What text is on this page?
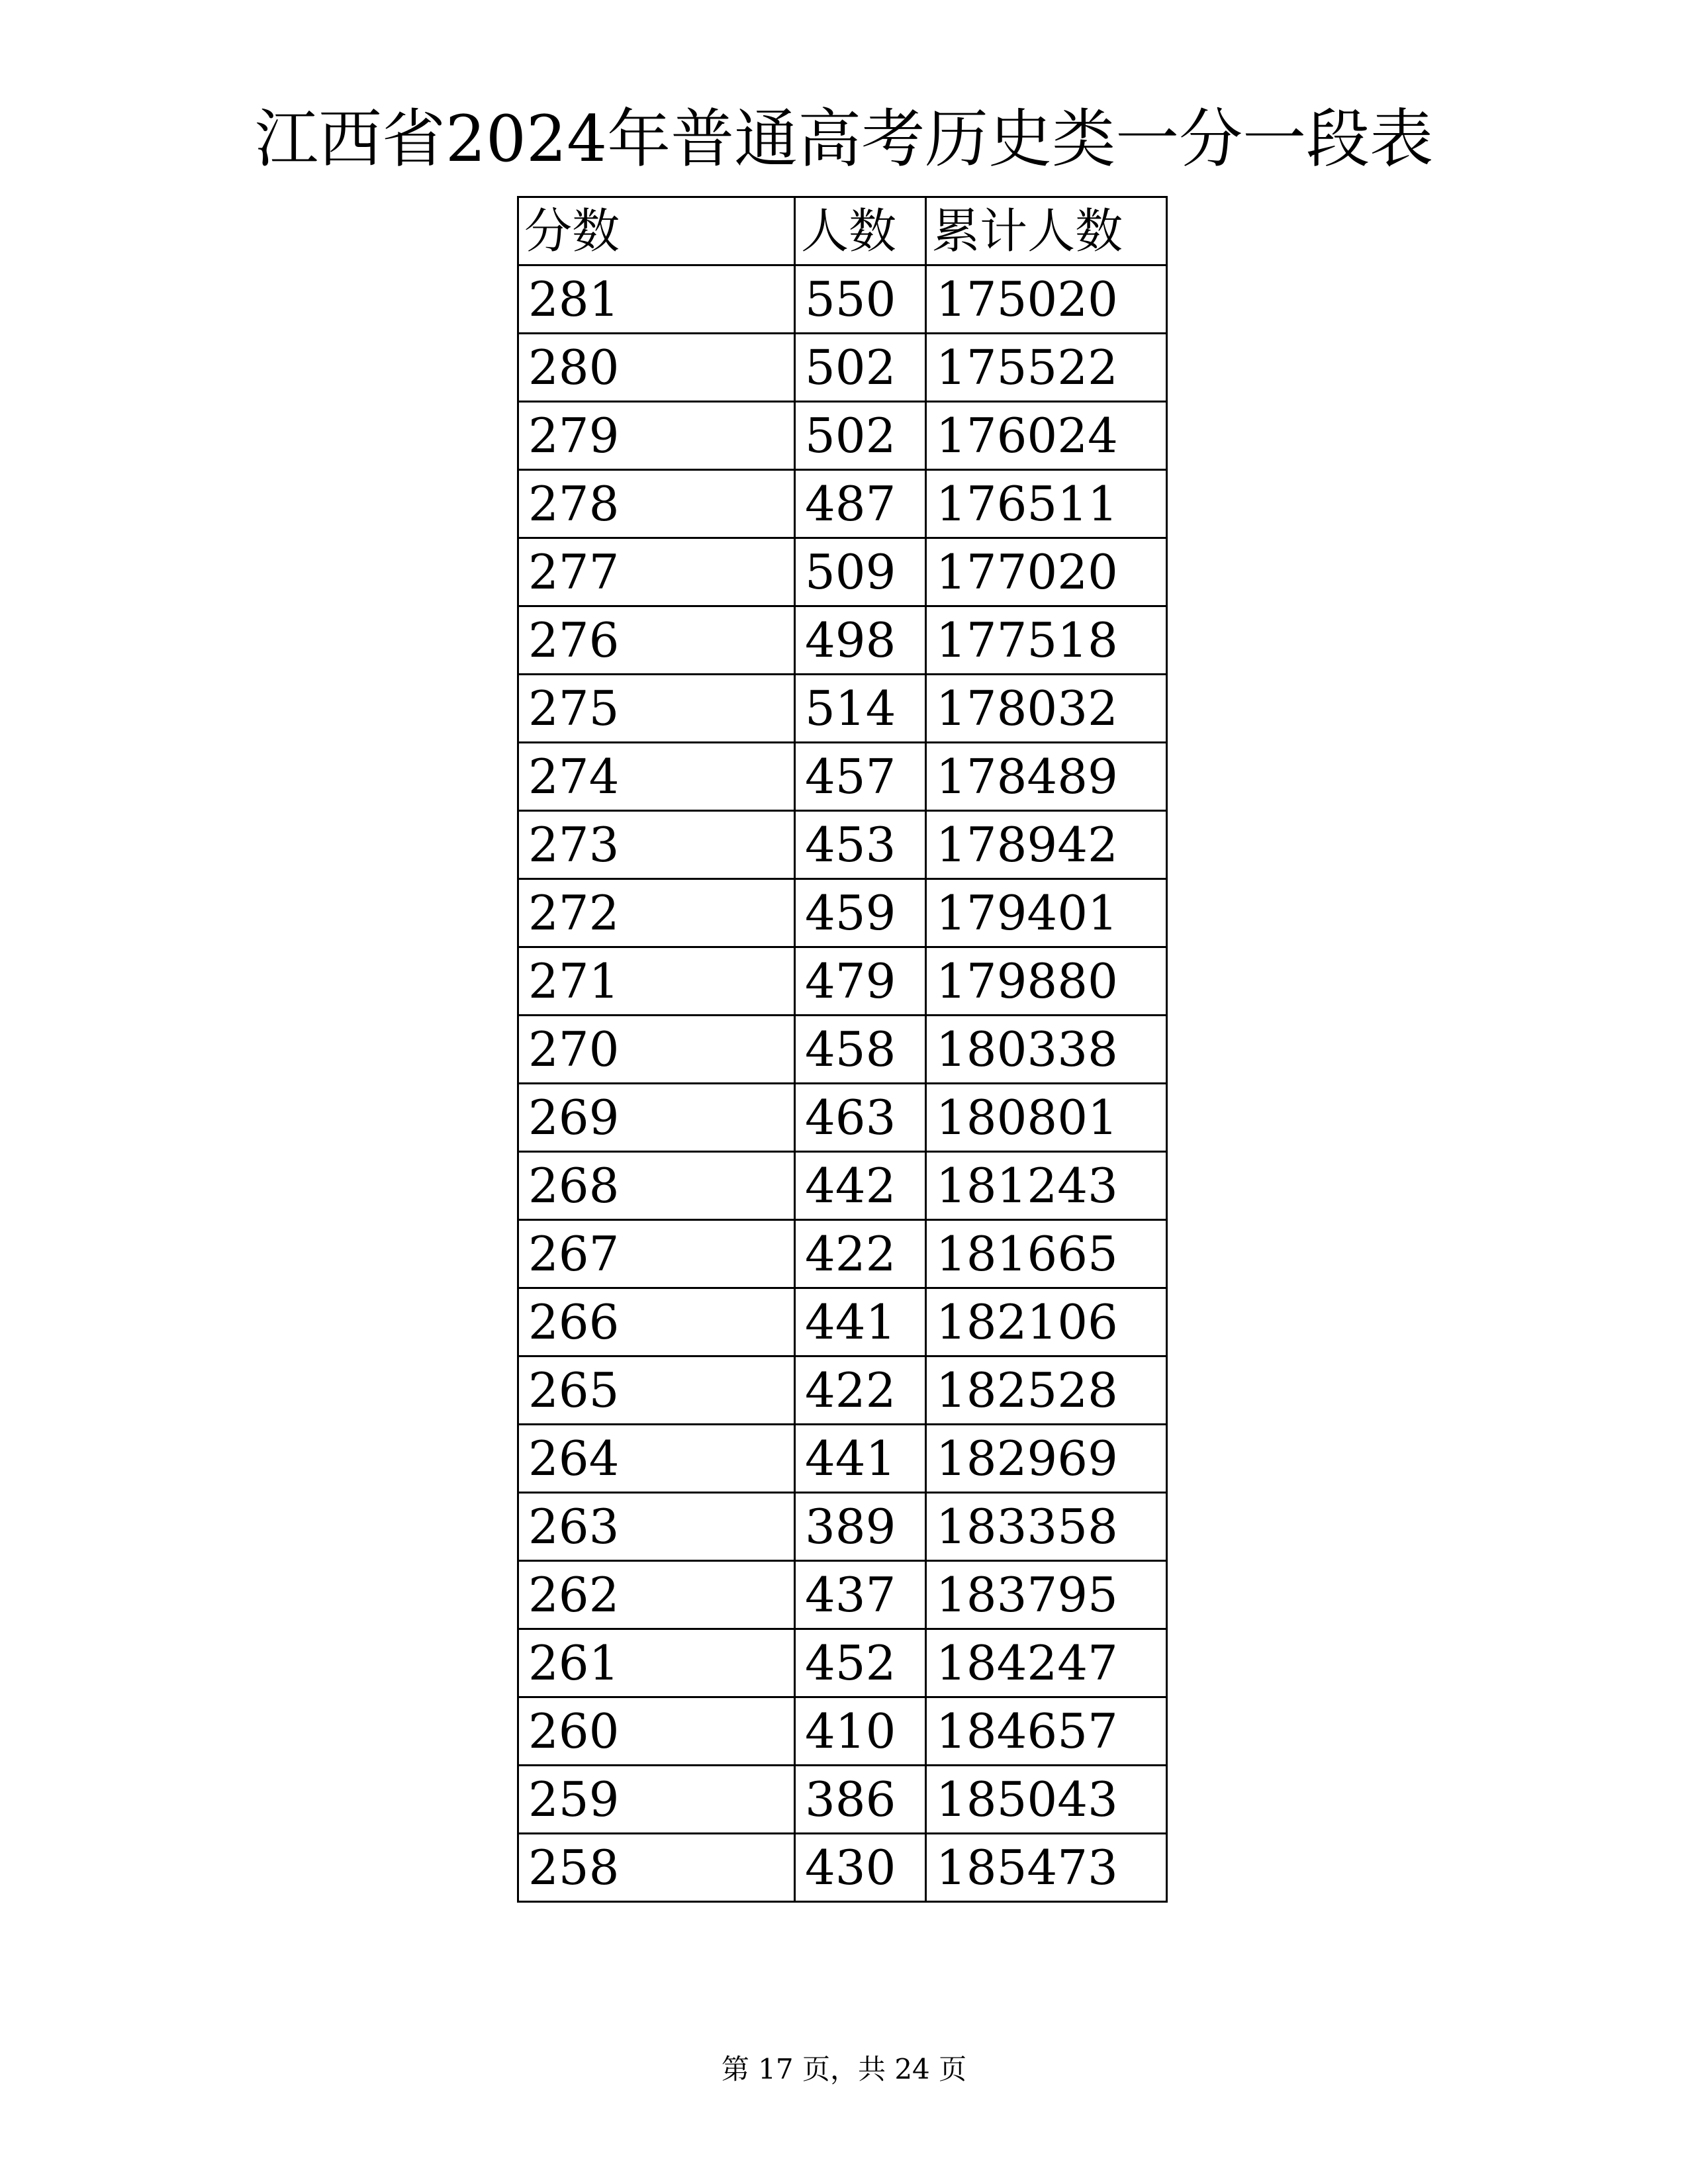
江西省2024年普通高考历史类一分一段表
分数	人数	累计人数
281	550	175020
280	502	175522
279	502	176024
278	487	176511
277	509	177020
276	498	177518
275	514	178032
274	457	178489
273	453	178942
272	459	179401
271	479	179880
270	458	180338
269	463	180801
268	442	181243
267	422	181665
266	441	182106
265	422	182528
264	441	182969
263	389	183358
262	437	183795
261	452	184247
260	410	184657
259	386	185043
258	430	185473
第 17 页，共 24 页
